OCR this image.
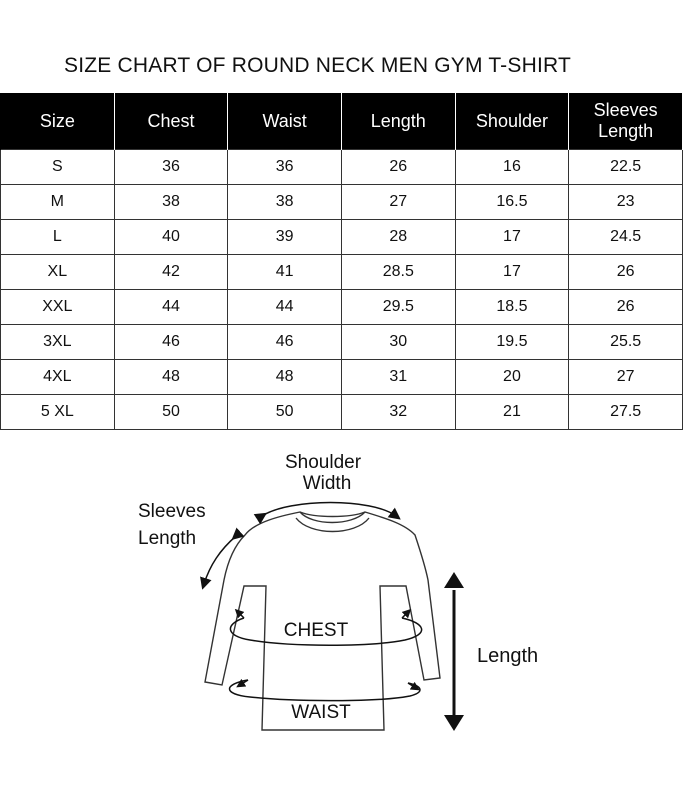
SIZE CHART OF ROUND NECK MEN GYM T-SHIRT
Size	Chest	Waist	Length	Shoulder	Sleeves Length
S	36	36	26	16	22.5
M	38	38	27	16.5	23
L	40	39	28	17	24.5
XL	42	41	28.5	17	26
XXL	44	44	29.5	18.5	26
3XL	46	46	30	19.5	25.5
4XL	48	48	31	20	27
5 XL	50	50	32	21	27.5
Shoulder
Width
Sleeves
Length
CHEST
WAIST
Length
